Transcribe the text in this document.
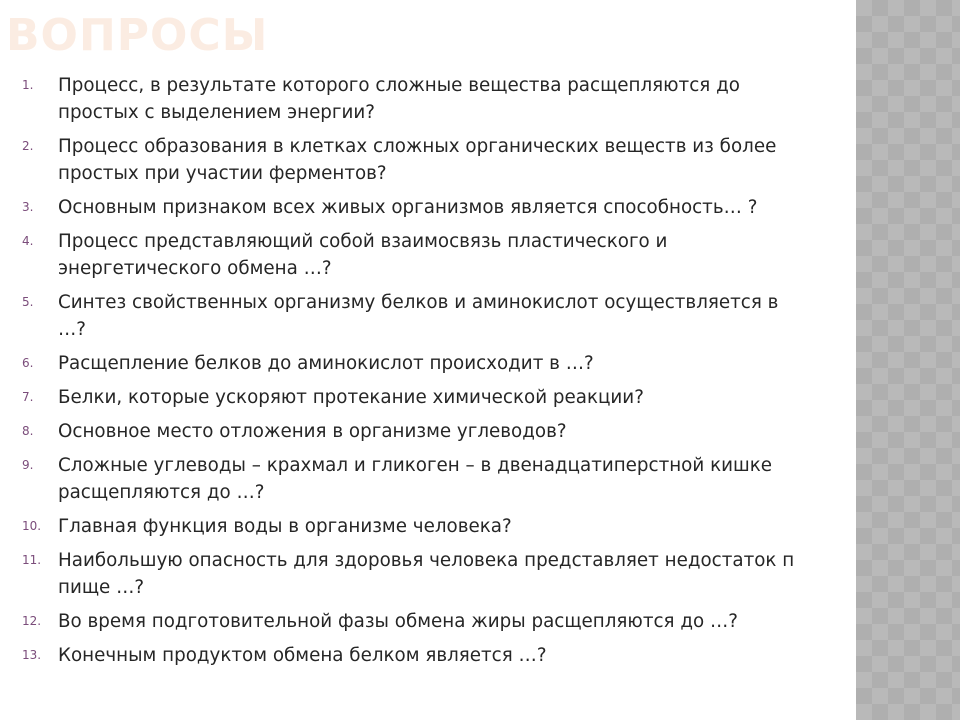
ВОПРОСЫ
1. Процесс, в результате которого сложные вещества расщепляются до
простых с выделением энергии?
2. Процесс образования в клетках сложных органических веществ из более
простых при участии ферментов?
3. Основным признаком всех живых организмов является способность… ?
4. Процесс представляющий собой взаимосвязь пластического и
энергетического обмена …?
5. Синтез свойственных организму белков и аминокислот осуществляется в
…?
6. Расщепление белков до аминокислот происходит в …?
7. Белки, которые ускоряют протекание химической реакции?
8. Основное место отложения в организме углеводов?
9. Сложные углеводы – крахмал и гликоген – в двенадцатиперстной кишке
расщепляются до …?
10. Главная функция воды в организме человека?
11. Наибольшую опасность для здоровья человека представляет недостаток п
пище …?
12. Во время подготовительной фазы обмена жиры расщепляются до …?
13. Конечным продуктом обмена белком является …?
